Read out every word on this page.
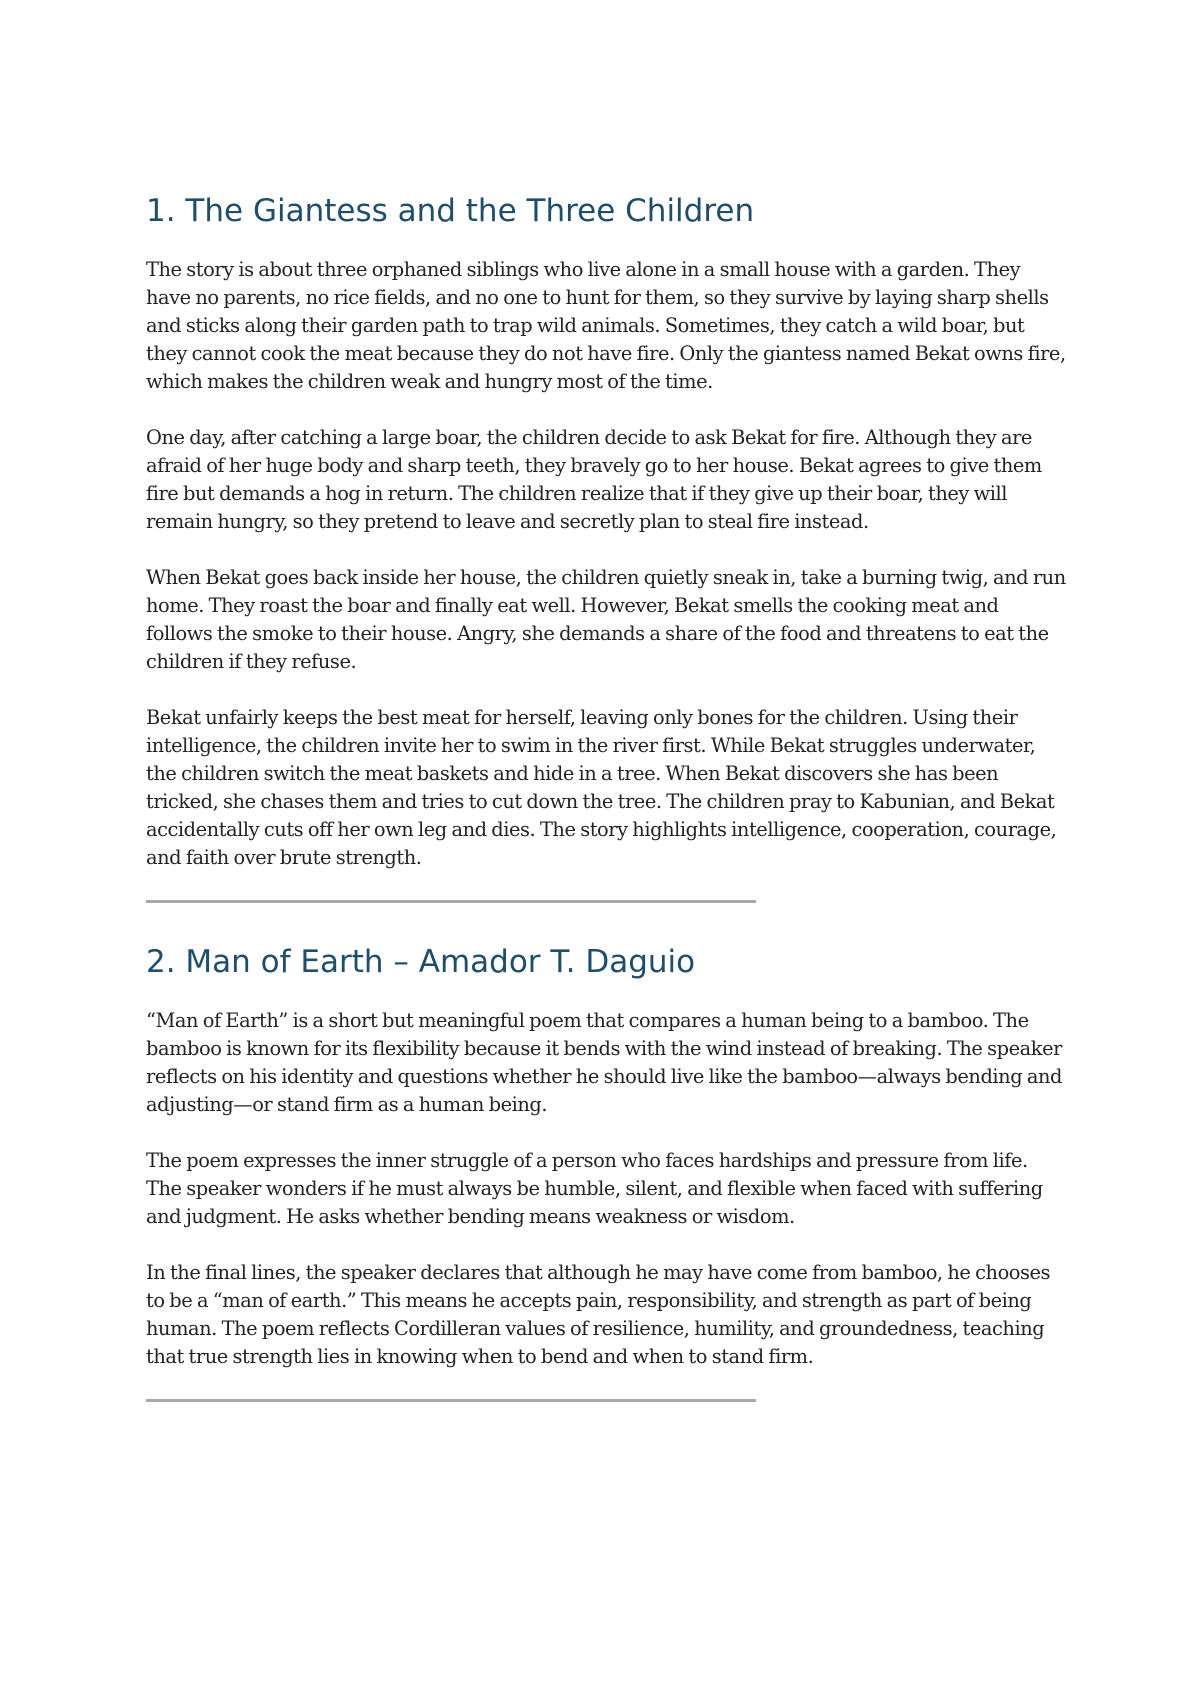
1. The Giantess and the Three Children

The story is about three orphaned siblings who live alone in a small house with a garden. They have no parents, no rice fields, and no one to hunt for them, so they survive by laying sharp shells and sticks along their garden path to trap wild animals. Sometimes, they catch a wild boar, but they cannot cook the meat because they do not have fire. Only the giantess named Bekat owns fire, which makes the children weak and hungry most of the time.

One day, after catching a large boar, the children decide to ask Bekat for fire. Although they are afraid of her huge body and sharp teeth, they bravely go to her house. Bekat agrees to give them fire but demands a hog in return. The children realize that if they give up their boar, they will remain hungry, so they pretend to leave and secretly plan to steal fire instead.

When Bekat goes back inside her house, the children quietly sneak in, take a burning twig, and run home. They roast the boar and finally eat well. However, Bekat smells the cooking meat and follows the smoke to their house. Angry, she demands a share of the food and threatens to eat the children if they refuse.

Bekat unfairly keeps the best meat for herself, leaving only bones for the children. Using their intelligence, the children invite her to swim in the river first. While Bekat struggles underwater, the children switch the meat baskets and hide in a tree. When Bekat discovers she has been tricked, she chases them and tries to cut down the tree. The children pray to Kabunian, and Bekat accidentally cuts off her own leg and dies. The story highlights intelligence, cooperation, courage, and faith over brute strength.

2. Man of Earth – Amador T. Daguio

“Man of Earth” is a short but meaningful poem that compares a human being to a bamboo. The bamboo is known for its flexibility because it bends with the wind instead of breaking. The speaker reflects on his identity and questions whether he should live like the bamboo—always bending and adjusting—or stand firm as a human being.

The poem expresses the inner struggle of a person who faces hardships and pressure from life. The speaker wonders if he must always be humble, silent, and flexible when faced with suffering and judgment. He asks whether bending means weakness or wisdom.

In the final lines, the speaker declares that although he may have come from bamboo, he chooses to be a “man of earth.” This means he accepts pain, responsibility, and strength as part of being human. The poem reflects Cordilleran values of resilience, humility, and groundedness, teaching that true strength lies in knowing when to bend and when to stand firm.
